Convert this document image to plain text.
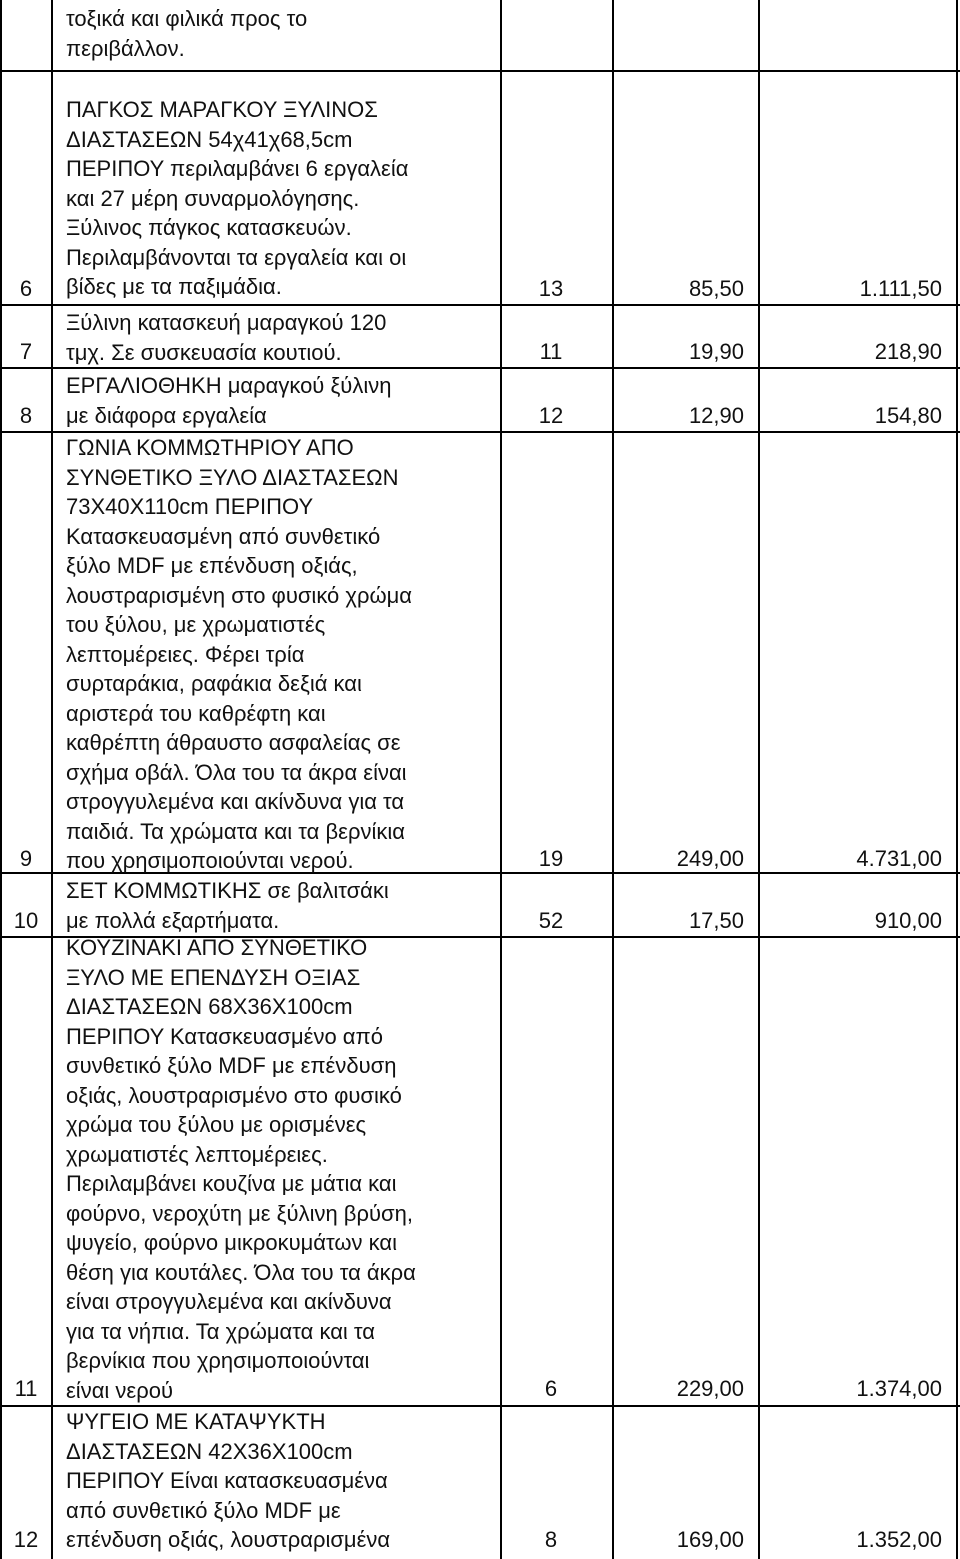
τοξικά και φιλικά προς το
περιβάλλον.
ΠΑΓΚΟΣ ΜΑΡΑΓΚΟΥ ΞΥΛΙΝΟΣ
ΔΙΑΣΤΑΣΕΩΝ 54χ41χ68,5cm
ΠΕΡΙΠΟΥ περιλαμβάνει 6 εργαλεία
και 27 μέρη συναρμολόγησης.
Ξύλινος πάγκος κατασκευών.
Περιλαμβάνονται τα εργαλεία και οι
βίδες με τα παξιμάδια.
6	13	85,50	1.111,50
Ξύλινη κατασκευή μαραγκού 120
τμχ. Σε συσκευασία κουτιού.
7	11	19,90	218,90
ΕΡΓΑΛΙΟΘΗΚΗ μαραγκού ξύλινη
με διάφορα εργαλεία
8	12	12,90	154,80
ΓΩΝΙΑ ΚΟΜΜΩΤΗΡΙΟΥ ΑΠΟ
ΣΥΝΘΕΤΙΚΟ ΞΥΛΟ ΔΙΑΣΤΑΣΕΩΝ
73Χ40Χ110cm ΠΕΡΙΠΟΥ
Κατασκευασμένη από συνθετικό
ξύλο MDF με επένδυση οξιάς,
λουστραρισμένη στο φυσικό χρώμα
του ξύλου, με χρωματιστές
λεπτομέρειες. Φέρει τρία
συρταράκια, ραφάκια δεξιά και
αριστερά του καθρέφτη και
καθρέπτη άθραυστο ασφαλείας σε
σχήμα οβάλ. Όλα του τα άκρα είναι
στρογγυλεμένα και ακίνδυνα για τα
παιδιά. Τα χρώματα και τα βερνίκια
που χρησιμοποιούνται νερού.
9	19	249,00	4.731,00
ΣΕΤ ΚΟΜΜΩΤΙΚΗΣ σε βαλιτσάκι
με πολλά εξαρτήματα.
10	52	17,50	910,00
ΚΟΥΖΙΝΑΚΙ ΑΠΟ ΣΥΝΘΕΤΙΚΟ
ΞΥΛΟ ΜΕ ΕΠΕΝΔΥΣΗ ΟΞΙΑΣ
ΔΙΑΣΤΑΣΕΩΝ 68Χ36Χ100cm
ΠΕΡΙΠΟΥ Κατασκευασμένο από
συνθετικό ξύλο MDF με επένδυση
οξιάς, λουστραρισμένο στο φυσικό
χρώμα του ξύλου με ορισμένες
χρωματιστές λεπτομέρειες.
Περιλαμβάνει κουζίνα με μάτια και
φούρνο, νεροχύτη με ξύλινη βρύση,
ψυγείο, φούρνο μικροκυμάτων και
θέση για κουτάλες. Όλα του τα άκρα
είναι στρογγυλεμένα και ακίνδυνα
για τα νήπια. Τα χρώματα και τα
βερνίκια που χρησιμοποιούνται
είναι νερού
11	6	229,00	1.374,00
ΨΥΓΕΙΟ ΜΕ ΚΑΤΑΨΥΚΤΗ
ΔΙΑΣΤΑΣΕΩΝ 42Χ36Χ100cm
ΠΕΡΙΠΟΥ Είναι κατασκευασμένα
από συνθετικό ξύλο MDF με
επένδυση οξιάς, λουστραρισμένα
12	8	169,00	1.352,00
